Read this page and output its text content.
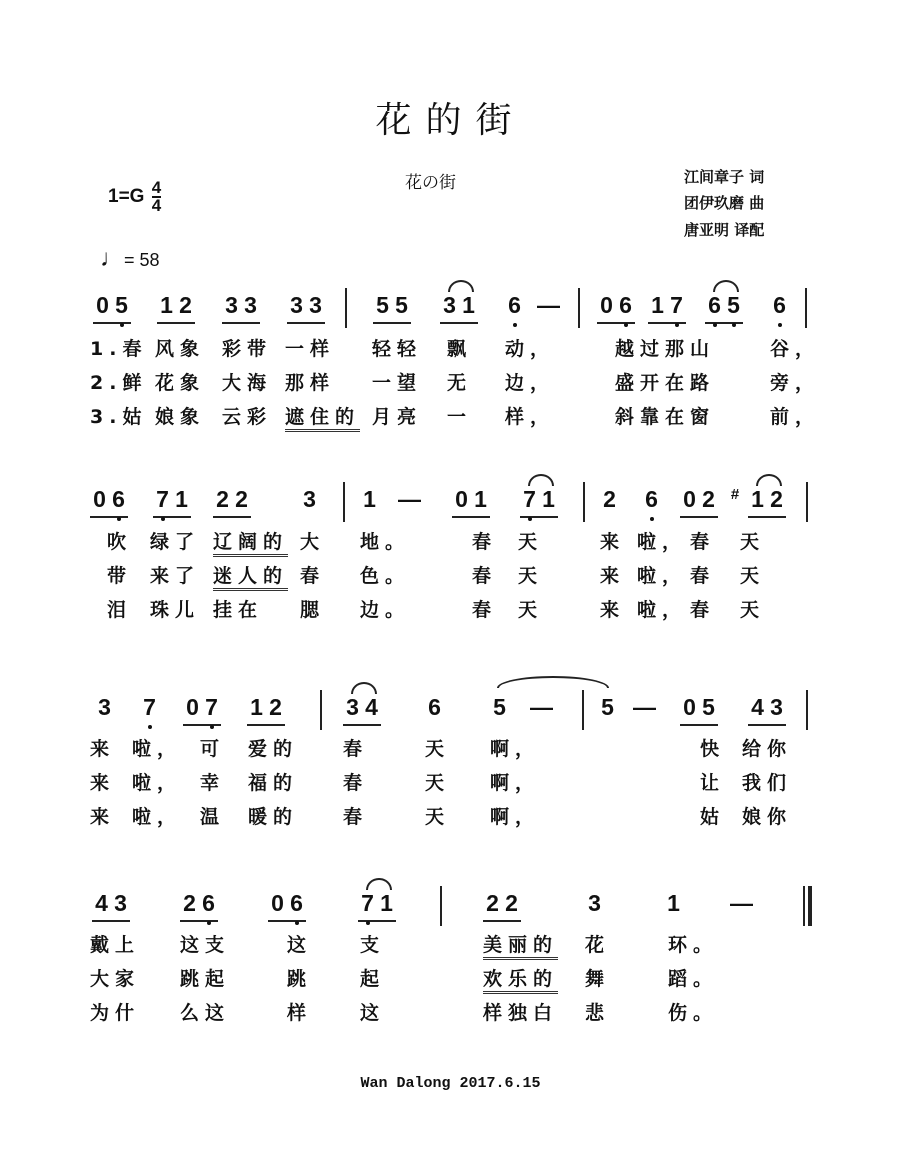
花的街
花の街
$1=G \frac{4}{4}$
江间章子 词
团伊玖磨 曲
唐亚明 译配
♩= 58
0 5 1 2 3 3 3 3 5 5 3 1 6 — 0 6 1 7 6 5 6
1.春 风象 彩带 一样 轻轻 飘 动，	越过那山	谷，
2.鲜 花象 大海 那样 一望 无 边，	盛开在路	旁，
3.姑 娘象 云彩 遮住的 月亮 一 样，	斜靠在窗	前，
0 6 7 1 2 2 3 1 — 0 1 7 1 2 6 0 2 # 1 2
吹 绿了 辽阔的 大 地。	春 天	来 啦， 春 天
带 来了 迷人的 春 色。	春 天	来 啦， 春 天
泪 珠儿 挂在 腮 边。	春 天	来 啦， 春 天
3 7 0 7 1 2	3 4 6 5 — 5 — 0 5 4 3
来 啦， 可 爱的 春	天 啊，	快 给你
来 啦， 幸 福的 春	天 啊，	让 我们
来 啦， 温 暖的 春	天 啊，	姑 娘你
4 3 2 6 0 6	7 1	2 2	3	1 —
戴上 这支	这	支	美丽的 花	环。
大家 跳起	跳	起	欢乐的 舞	蹈。
为什 么这	样	这	样独白 悲	伤。
Wan Dalong 2017.6.15
